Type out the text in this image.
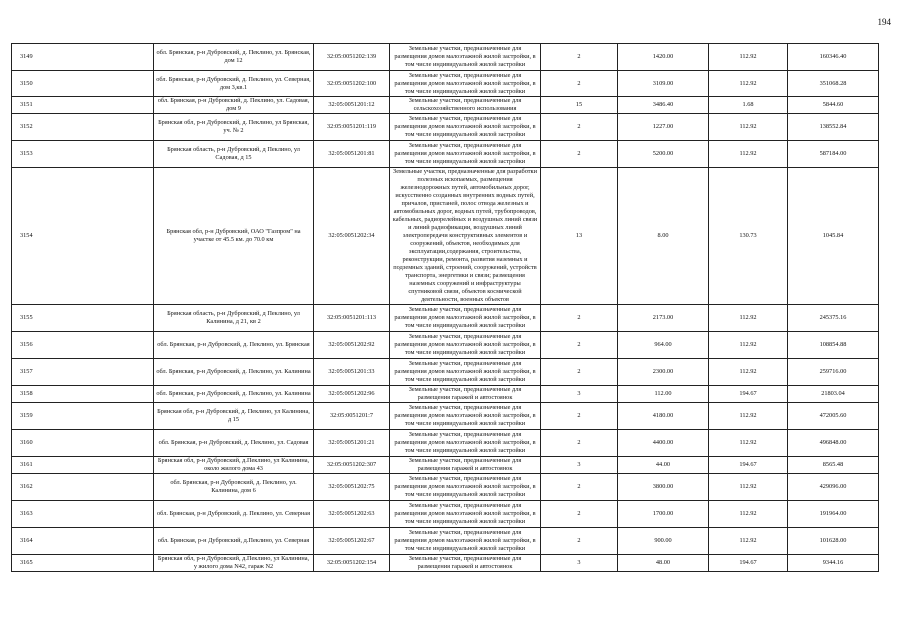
194
3149	обл. Брянская, р-н Дубровский, д. Пеклино, ул. Брянская, дом 12	32:05:0051202:139	Земельные участки, предназначенные для размещения домов малоэтажной жилой застройки, в том числе индивидуальной жилой застройки	2	1420.00	112.92	160346.40
3150	обл. Брянская, р-н Дубровский, д. Пеклино, ул. Северная, дом 3,кв.1	32:05:0051202:100	Земельные участки, предназначенные для размещения домов малоэтажной жилой застройки, в том числе индивидуальной жилой застройки	2	3109.00	112.92	351068.28
3151	обл. Брянская, р-н Дубровский, д. Пеклино, ул. Садовая, дом 9	32:05:0051201:12	Земельные участки, предназначенные для сельскохозяйственного использования	15	3486.40	1.68	5844.60
3152	Брянская обл, р-н Дубровский, д. Пеклино, ул Брянская, уч. № 2	32:05:0051201:119	Земельные участки, предназначенные для размещения домов малоэтажной жилой застройки, в том числе индивидуальной жилой застройки	2	1227.00	112.92	138552.84
3153	Брянская область, р-н Дубровский, д Пеклино, ул Садовая, д 15	32:05:0051201:81	Земельные участки, предназначенные для размещения домов малоэтажной жилой застройки, в том числе индивидуальной жилой застройки	2	5200.00	112.92	587184.00
3154	Брянская обл, р-н Дубровский, ОАО "Газпром" на участке от 45.5 км. до 70.0 км	32:05:0051202:34	Земельные участки, предназначенные для разработки полезных ископаемых, размещения железнодорожных путей, автомобильных дорог, искусственно созданных внутренних водных путей, причалов, пристаней, полос отвода железных и автомобильных дорог, водных путей, трубопроводов, кабельных, радиорелейных и воздушных линий связи и линий радиофикации, воздушных линий электропередачи конструктивных элементов и сооружений, объектов, необходимых для эксплуатации,содержания, строительства, реконструкции, ремонта, развития наземных и подземных зданий, строений, сооружений, устройств транспорта, энергетики и связи; размещения наземных сооружений и инфраструктуры спутниковой связи, объектов космической деятельности, военных объектов	13	8.00	130.73	1045.84
3155	Брянская область, р-н Дубровский, д Пеклино, ул Калинина, д 21, кв 2	32:05:0051201:113	Земельные участки, предназначенные для размещения домов малоэтажной жилой застройки, в том числе индивидуальной жилой застройки	2	2173.00	112.92	245375.16
3156	обл. Брянская, р-н Дубровский, д. Пеклино, ул. Брянская	32:05:0051202:92	Земельные участки, предназначенные для размещения домов малоэтажной жилой застройки, в том числе индивидуальной жилой застройки	2	964.00	112.92	108854.88
3157	обл. Брянская, р-н Дубровский, д. Пеклино, ул. Калинина	32:05:0051201:33	Земельные участки, предназначенные для размещения домов малоэтажной жилой застройки, в том числе индивидуальной жилой застройки	2	2300.00	112.92	259716.00
3158	обл. Брянская, р-н Дубровский, д. Пеклино, ул. Калинина	32:05:0051202:96	Земельные участки, предназначенные для размещения гаражей и автостоянок	3	112.00	194.67	21803.04
3159	Брянская обл, р-н Дубровский, д. Пеклино, ул Калинина, д 15	32:05:0051201:7	Земельные участки, предназначенные для размещения домов малоэтажной жилой застройки, в том числе индивидуальной жилой застройки	2	4180.00	112.92	472005.60
3160	обл. Брянская, р-н Дубровский, д. Пеклино, ул. Садовая	32:05:0051201:21	Земельные участки, предназначенные для размещения домов малоэтажной жилой застройки, в том числе индивидуальной жилой застройки	2	4400.00	112.92	496848.00
3161	Брянская обл, р-н Дубровский, д.Пеклино, ул Калинина, около жилого дома 43	32:05:0051202:307	Земельные участки, предназначенные для размещения гаражей и автостоянок	3	44.00	194.67	8565.48
3162	обл. Брянская, р-н Дубровский, д. Пеклино, ул. Калинина, дом 6	32:05:0051202:75	Земельные участки, предназначенные для размещения домов малоэтажной жилой застройки, в том числе индивидуальной жилой застройки	2	3800.00	112.92	429096.00
3163	обл. Брянская, р-н Дубровский, д. Пеклино, ул. Северная	32:05:0051202:63	Земельные участки, предназначенные для размещения домов малоэтажной жилой застройки, в том числе индивидуальной жилой застройки	2	1700.00	112.92	191964.00
3164	обл. Брянская, р-н Дубровский, д.Пеклино, ул. Северная	32:05:0051202:67	Земельные участки, предназначенные для размещения домов малоэтажной жилой застройки, в том числе индивидуальной жилой застройки	2	900.00	112.92	101628.00
3165	Брянская обл, р-н Дубровский, д.Пеклино, ул Калинина, у жилого дома N42, гараж N2	32:05:0051202:154	Земельные участки, предназначенные для размещения гаражей и автостоянок	3	48.00	194.67	9344.16
